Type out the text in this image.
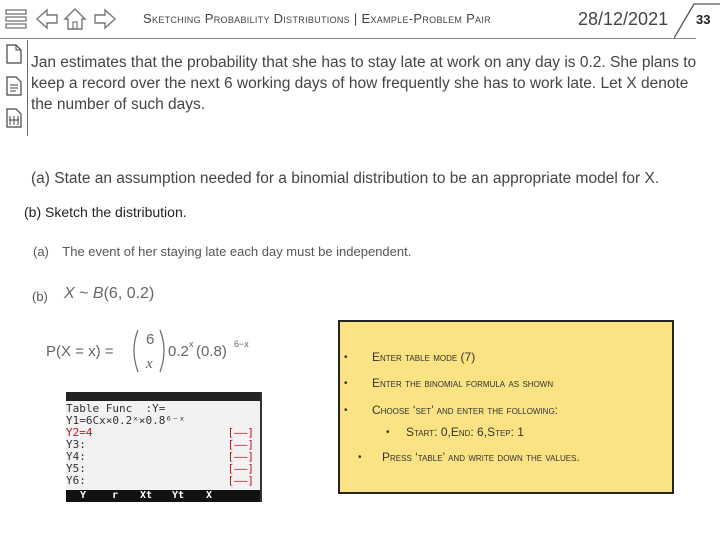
Sketching Probability Distributions | Example-Problem Pair	28/12/2021 33
Jan estimates that the probability that she has to stay late at work on any day is 0.2. She plans to keep a record over the next 6 working days of how frequently she has to work late. Let X denote the number of such days.
(a) State an assumption needed for a binomial distribution to be an appropriate model for X.
(b) Sketch the distribution.
(a) The event of her staying late each day must be independent.
(b) X ~ B(6, 0.2)
P(X = x) =
6
x
0.2 x (0.8) 6−x
Table Func  :Y=
Y1=6Cx×0.2ˣ×0.8⁶⁻ˣ
Y2=4
Y3:
Y4:
Y5:
Y6:
[——]
[——]
[——]
[——]
[——]
Y	r Xt Yt X
• Enter table mode (7)
• Enter the binomial formula as shown
• Choose ‘set’ and enter the following:
• Start: 0,End: 6,Step: 1
• Press ‘table’ and write down the values.
